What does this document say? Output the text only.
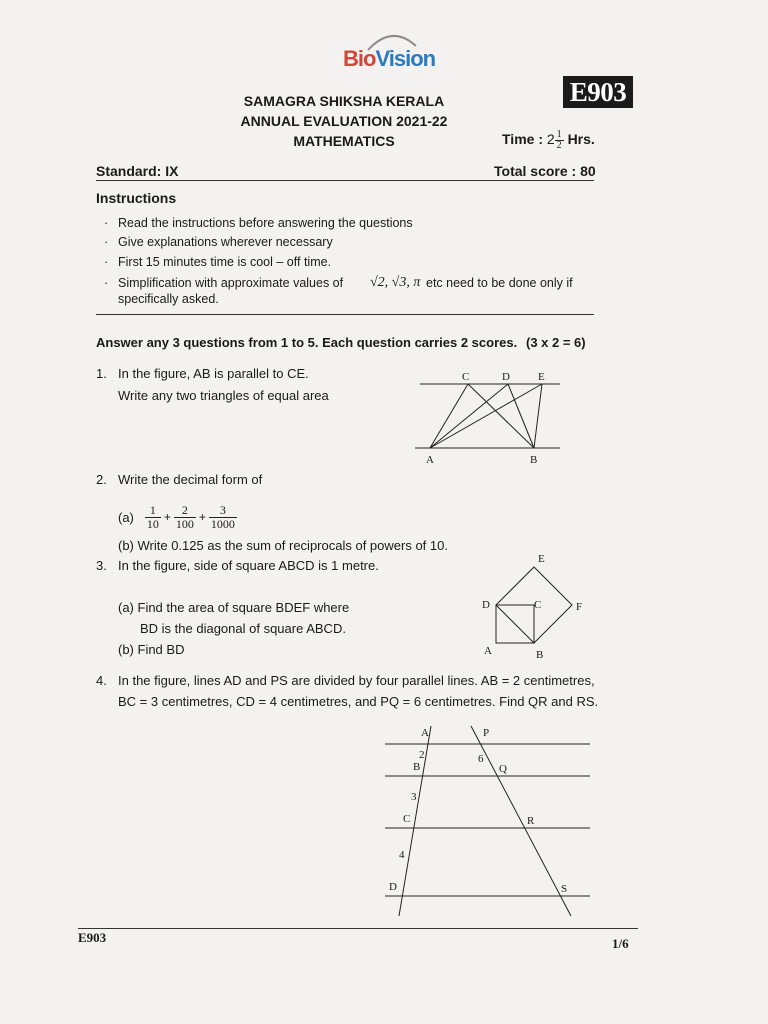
BioVision
E903
SAMAGRA SHIKSHA KERALA
ANNUAL EVALUATION 2021-22
MATHEMATICS	Time : $2 \frac{1}{2}$ Hrs.
Standard: IX	Total score : 80
Instructions
· Read the instructions before answering the questions
· Give explanations wherever necessary
· First 15 minutes time is cool – off time.
· Simplification with approximate values of √2, √3, π etc need to be done only if
specifically asked.
Answer any 3 questions from 1 to 5. Each question carries 2 scores. (3 x 2 = 6)
1. In the figure, AB is parallel to CE.
Write any two triangles of equal area
C	D	E
A	B
2. Write the decimal form of
$(a) \frac{1}{10} + \frac{2}{100} + \frac{3}{1000}$
(b) Write 0.125 as the sum of reciprocals of powers of 10.
3. In the figure, side of square ABCD is 1 metre.
(a) Find the area of square BDEF where
BD is the diagonal of square ABCD.
(b) Find BD
E
D	C	F
A	B
4. In the figure, lines AD and PS are divided by four parallel lines. AB = 2 centimetres,
BC = 3 centimetres, CD = 4 centimetres, and PQ = 6 centimetres. Find QR and RS.
A	P
2	6
B	Q
3
C	R
4
D	S
E903	1/6
